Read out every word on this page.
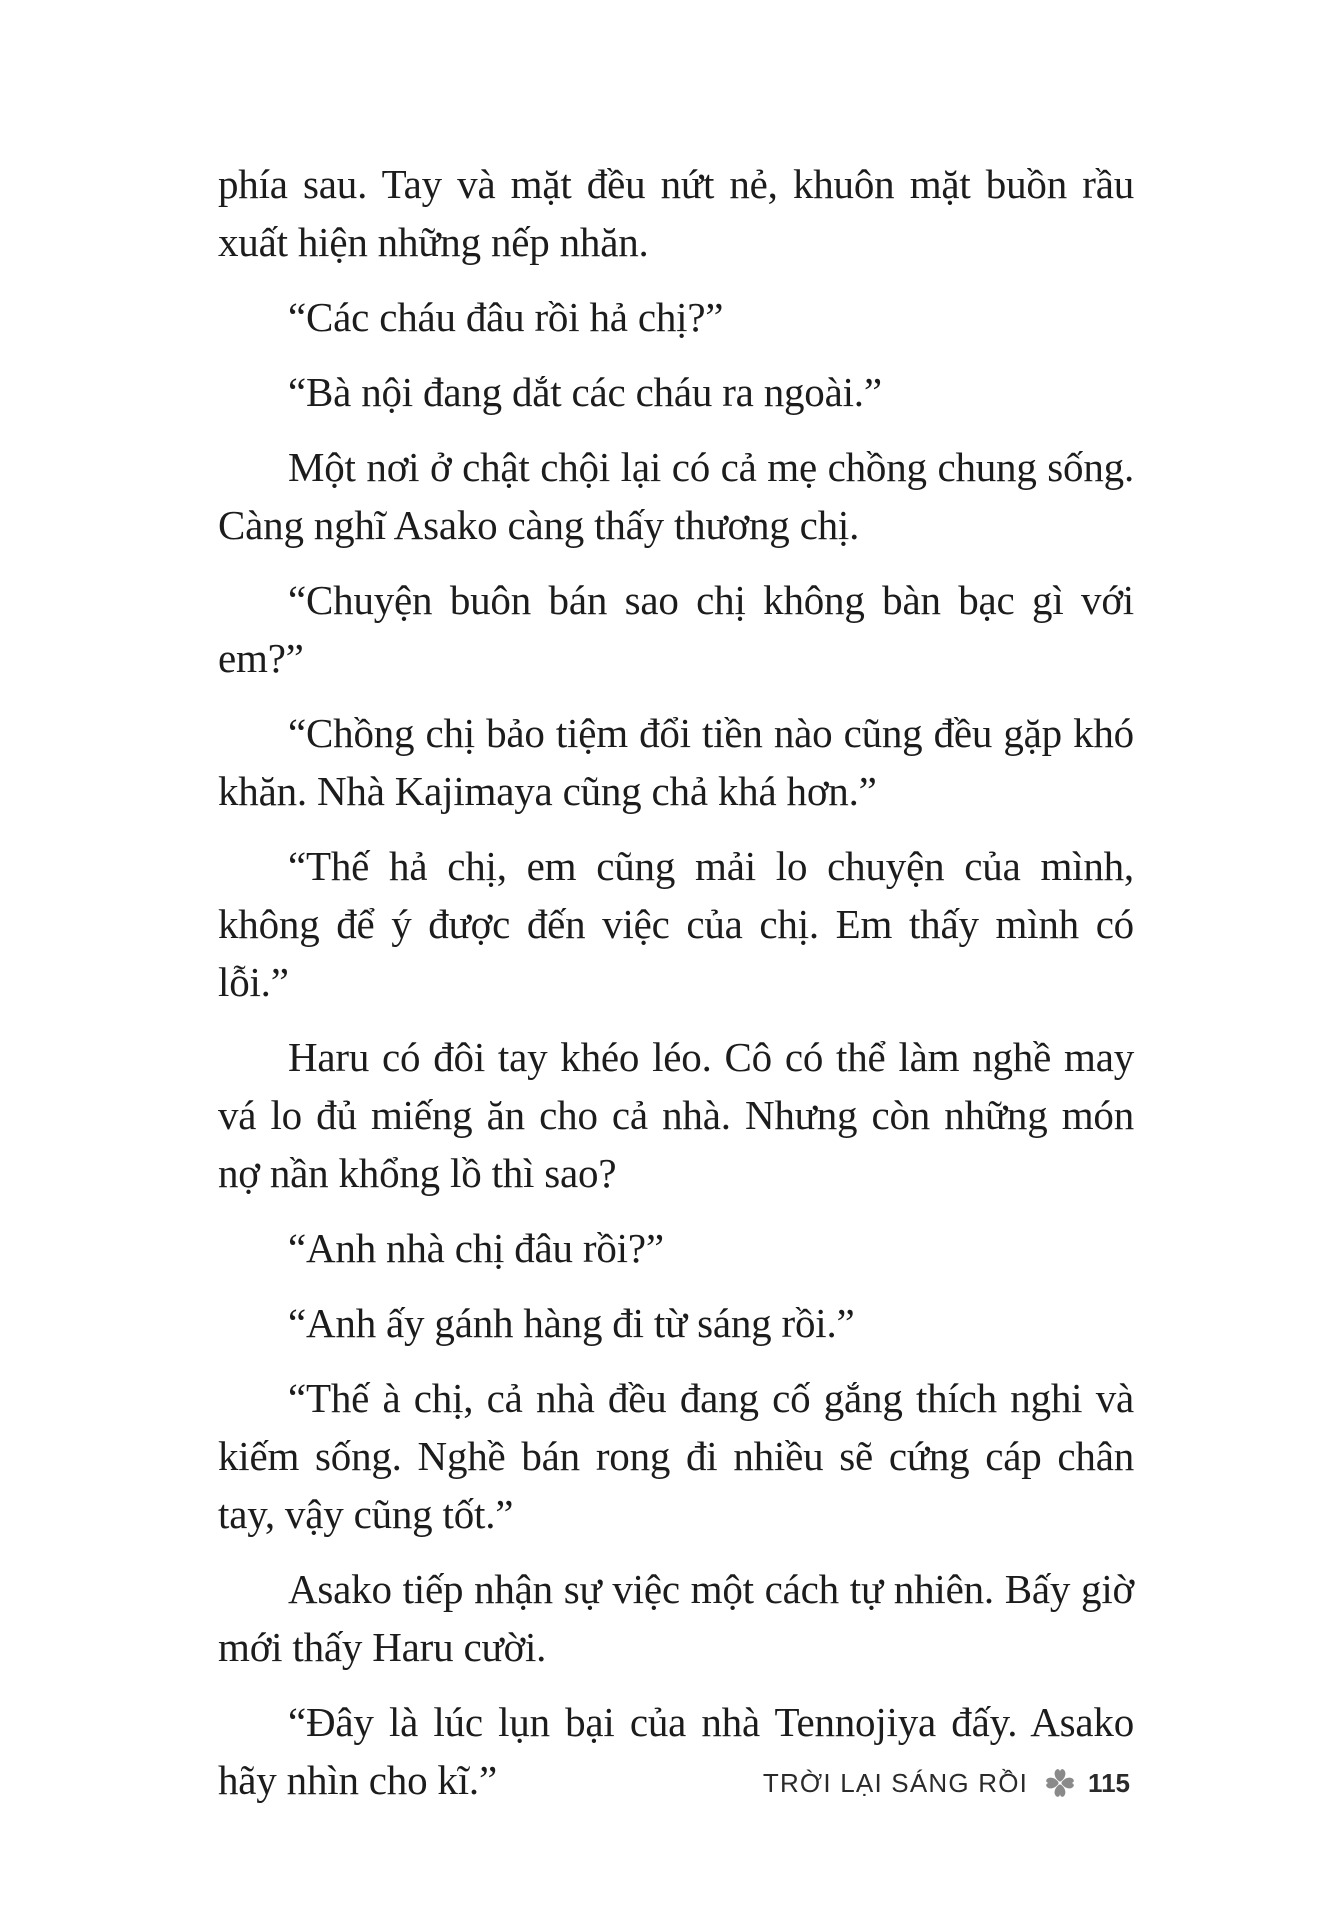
phía sau. Tay và mặt đều nứt nẻ, khuôn mặt buồn rầu xuất hiện những nếp nhăn.

“Các cháu đâu rồi hả chị?”

“Bà nội đang dắt các cháu ra ngoài.”

Một nơi ở chật chội lại có cả mẹ chồng chung sống. Càng nghĩ Asako càng thấy thương chị.

“Chuyện buôn bán sao chị không bàn bạc gì với em?”

“Chồng chị bảo tiệm đổi tiền nào cũng đều gặp khó khăn. Nhà Kajimaya cũng chả khá hơn.”

“Thế hả chị, em cũng mải lo chuyện của mình, không để ý được đến việc của chị. Em thấy mình có lỗi.”

Haru có đôi tay khéo léo. Cô có thể làm nghề may vá lo đủ miếng ăn cho cả nhà. Nhưng còn những món nợ nần khổng lồ thì sao?

“Anh nhà chị đâu rồi?”

“Anh ấy gánh hàng đi từ sáng rồi.”

“Thế à chị, cả nhà đều đang cố gắng thích nghi và kiếm sống. Nghề bán rong đi nhiều sẽ cứng cáp chân tay, vậy cũng tốt.”

Asako tiếp nhận sự việc một cách tự nhiên. Bấy giờ mới thấy Haru cười.

“Đây là lúc lụn bại của nhà Tennojiya đấy. Asako hãy nhìn cho kĩ.”	TRỜI LẠI SÁNG RỒI 115
